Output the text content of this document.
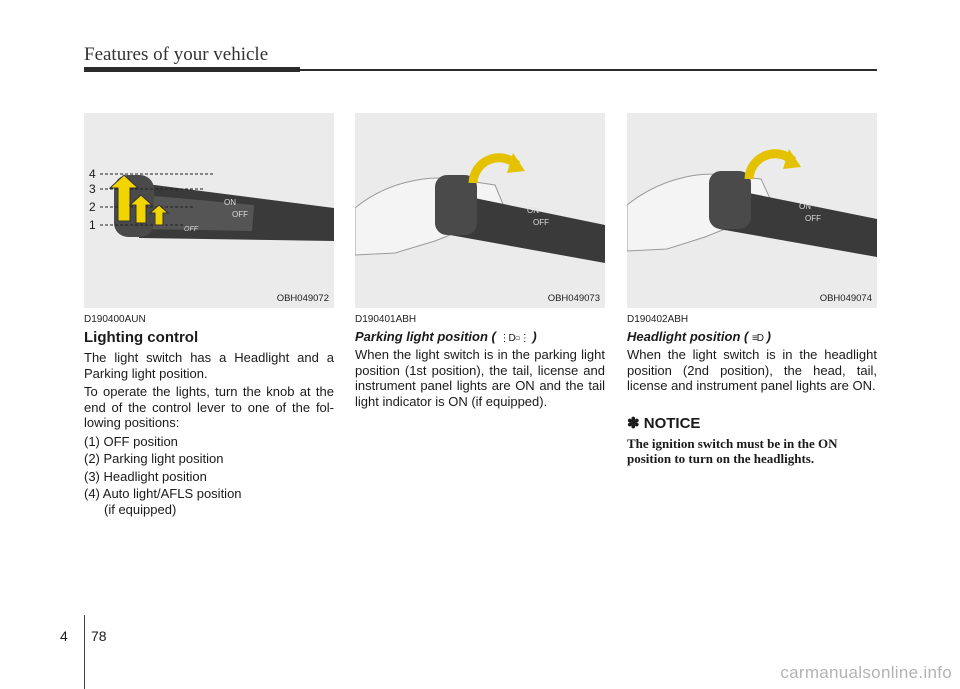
Features of your vehicle
ON
OFF
OFF
4
3
2
1
OBH049072
ON
OFF
OBH049073
ON
OFF
OBH049074

D190400AUN

Lighting control

The light switch has a Headlight and a Parking light position.

To operate the lights, turn the knob at the end of the control lever to one of the fol-lowing positions:

(1) OFF position

(2) Parking light position

(3) Headlight position

(4) Auto light/AFLS position

(if equipped)

D190401ABH

Parking light position ( ⋮D○⋮ )

When the light switch is in the parking light position (1st position), the tail, license and instrument panel lights are ON and the tail light indicator is ON (if equipped).

D190402ABH

Headlight position ( ≡D )

When the light switch is in the headlight position (2nd position), the head, tail, license and instrument panel lights are ON.

✽ NOTICE

The ignition switch must be in the ON position to turn on the headlights.

4 78
carmanualsonline.info
